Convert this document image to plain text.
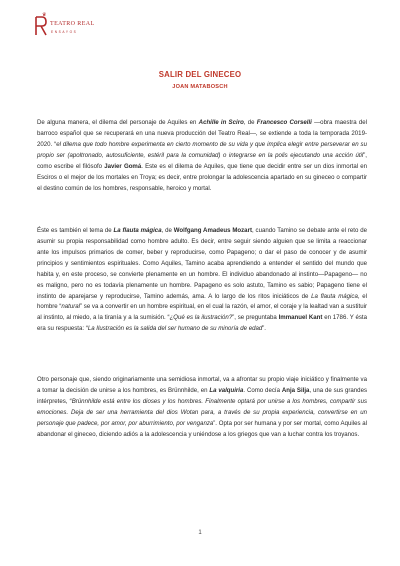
♛
TEATRO REAL
ENSAYOS
SALIR DEL GINECEO
JOAN MATABOSCH

De alguna manera, el dilema del personaje de Aquiles en Achille in Sciro, de Francesco Corselli —obra maestra del barroco español que se recuperará en una nueva producción del Teatro Real—, se extiende a toda la temporada 2019-2020. “el dilema que todo hombre experimenta en cierto momento de su vida y que implica elegir entre perseverar en su propio ser (apoltronado, autosuficiente, estéril para la comunidad) o integrarse en la polis ejecutando una acción útil”, como escribe el filósofo Javier Gomá. Este es el dilema de Aquiles, que tiene que decidir entre ser un dios inmortal en Esciros o el mejor de los mortales en Troya; es decir, entre prolongar la adolescencia apartado en su gineceo o compartir el destino común de los hombres, responsable, heroico y mortal.

Éste es también el tema de La flauta mágica, de Wolfgang Amadeus Mozart, cuando Tamino se debate ante el reto de asumir su propia responsabilidad como hombre adulto. Es decir, entre seguir siendo alguien que se limita a reaccionar ante los impulsos primarios de comer, beber y reproducirse, como Papageno; o dar el paso de conocer y de asumir principios y sentimientos espirituales. Como Aquiles, Tamino acaba aprendiendo a entender el sentido del mundo que habita y, en este proceso, se convierte plenamente en un hombre. El individuo abandonado al instinto—Papageno— no es maligno, pero no es todavía plenamente un hombre. Papageno es solo astuto, Tamino es sabio; Papageno tiene el instinto de aparejarse y reproducirse, Tamino además, ama. A lo largo de los ritos iniciáticos de La flauta mágica, el hombre “natural” se va a convertir en un hombre espiritual, en el cual la razón, el amor, el coraje y la lealtad van a sustituir al instinto, al miedo, a la tiranía y a la sumisión. “¿Qué es la ilustración?”, se preguntaba Immanuel Kant en 1786. Y ésta era su respuesta: “La Ilustración es la salida del ser humano de su minoría de edad”.

Otro personaje que, siendo originariamente una semidiosa inmortal, va a afrontar su propio viaje iniciático y finalmente va a tomar la decisión de unirse a los hombres, es Brünnhilde, en La valquiria. Como decía Anja Silja, una de sus grandes intérpretes, “Brünnhilde está entre los dioses y los hombres. Finalmente optará por unirse a los hombres, compartir sus emociones. Deja de ser una herramienta del dios Wotan para, a través de su propia experiencia, convertirse en un personaje que padece, por amor, por aburrimiento, por venganza”. Opta por ser humana y por ser mortal, como Aquiles al abandonar el gineceo, diciendo adiós a la adolescencia y uniéndose a los griegos que van a luchar contra los troyanos.

1
